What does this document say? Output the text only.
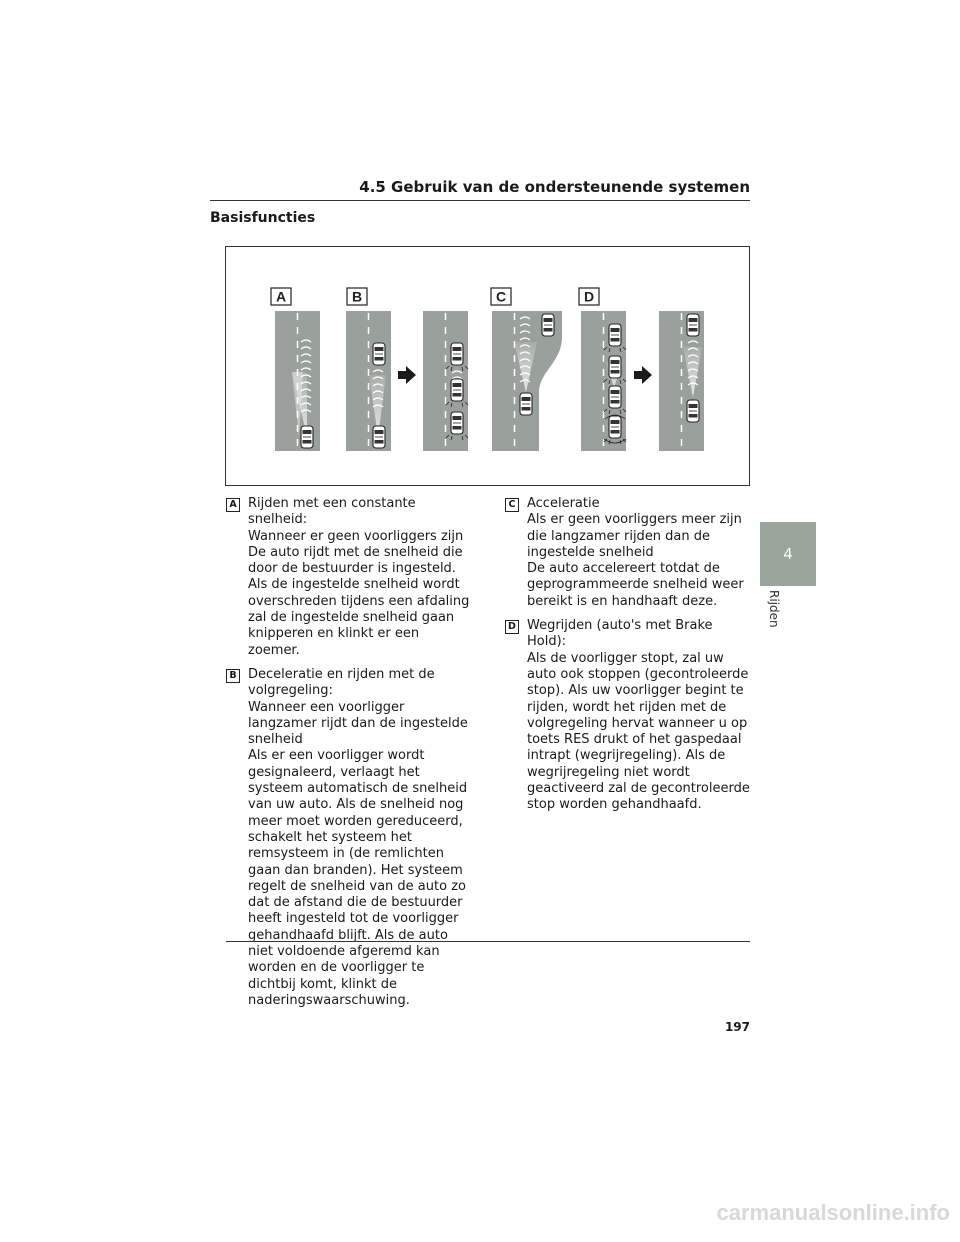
4.5 Gebruik van de ondersteunende systemen
Basisfuncties
A	B	C	D
A Rijden met een constante snelheid:
Wanneer er geen voorliggers zijn
De auto rijdt met de snelheid die door de bestuurder is ingesteld.
Als de ingestelde snelheid wordt overschreden tijdens een afdaling zal de ingestelde snelheid gaan knipperen en klinkt er een zoemer.
B Deceleratie en rijden met de volgregeling:
Wanneer een voorligger langzamer rijdt dan de ingestelde snelheid
Als er een voorligger wordt gesignaleerd, verlaagt het systeem automatisch de snelheid van uw auto. Als de snelheid nog meer moet worden gereduceerd, schakelt het systeem het remsysteem in (de remlichten gaan dan branden). Het systeem regelt de snelheid van de auto zo dat de afstand die de bestuurder heeft ingesteld tot de voorligger gehandhaafd blijft. Als de auto niet voldoende afgeremd kan worden en de voorligger te dichtbij komt, klinkt de naderingswaarschuwing.
C Acceleratie
Als er geen voorliggers meer zijn die langzamer rijden dan de ingestelde snelheid
De auto accelereert totdat de geprogrammeerde snelheid weer bereikt is en handhaaft deze.
D Wegrijden (auto's met Brake Hold):
Als de voorligger stopt, zal uw auto ook stoppen (gecontroleerde stop). Als uw voorligger begint te rijden, wordt het rijden met de volgregeling hervat wanneer u op toets RES drukt of het gaspedaal intrapt (wegrijregeling). Als de wegrijregeling niet wordt geactiveerd zal de gecontroleerde stop worden gehandhaafd.
4
Rijden
197
carmanualsonline.info
